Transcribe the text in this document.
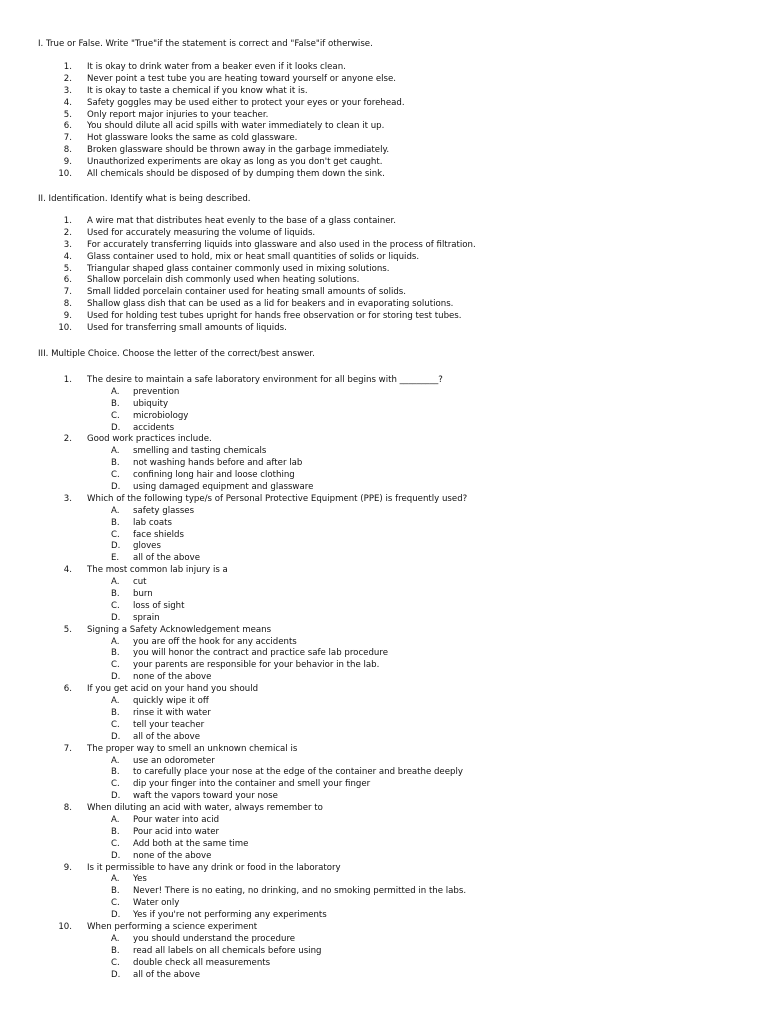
I. True or False. Write "True"if the statement is correct and "False"if otherwise.
1. It is okay to drink water from a beaker even if it looks clean.
2. Never point a test tube you are heating toward yourself or anyone else.
3. It is okay to taste a chemical if you know what it is.
4. Safety goggles may be used either to protect your eyes or your forehead.
5. Only report major injuries to your teacher.
6. You should dilute all acid spills with water immediately to clean it up.
7. Hot glassware looks the same as cold glassware.
8. Broken glassware should be thrown away in the garbage immediately.
9. Unauthorized experiments are okay as long as you don't get caught.
10. All chemicals should be disposed of by dumping them down the sink.
II. Identification. Identify what is being described.
1. A wire mat that distributes heat evenly to the base of a glass container.
2. Used for accurately measuring the volume of liquids.
3. For accurately transferring liquids into glassware and also used in the process of filtration.
4. Glass container used to hold, mix or heat small quantities of solids or liquids.
5. Triangular shaped glass container commonly used in mixing solutions.
6. Shallow porcelain dish commonly used when heating solutions.
7. Small lidded porcelain container used for heating small amounts of solids.
8. Shallow glass dish that can be used as a lid for beakers and in evaporating solutions.
9. Used for holding test tubes upright for hands free observation or for storing test tubes.
10. Used for transferring small amounts of liquids.
III. Multiple Choice. Choose the letter of the correct/best answer.
1. The desire to maintain a safe laboratory environment for all begins with _________?
A. prevention
B. ubiquity
C. microbiology
D. accidents
2. Good work practices include.
A. smelling and tasting chemicals
B. not washing hands before and after lab
C. confining long hair and loose clothing
D. using damaged equipment and glassware
3. Which of the following type/s of Personal Protective Equipment (PPE) is frequently used?
A. safety glasses
B. lab coats
C. face shields
D. gloves
E. all of the above
4. The most common lab injury is a
A. cut
B. burn
C. loss of sight
D. sprain
5. Signing a Safety Acknowledgement means
A. you are off the hook for any accidents
B. you will honor the contract and practice safe lab procedure
C. your parents are responsible for your behavior in the lab.
D. none of the above
6. If you get acid on your hand you should
A. quickly wipe it off
B. rinse it with water
C. tell your teacher
D. all of the above
7. The proper way to smell an unknown chemical is
A. use an odorometer
B. to carefully place your nose at the edge of the container and breathe deeply
C. dip your finger into the container and smell your finger
D. waft the vapors toward your nose
8. When diluting an acid with water, always remember to
A. Pour water into acid
B. Pour acid into water
C. Add both at the same time
D. none of the above
9. Is it permissible to have any drink or food in the laboratory
A. Yes
B. Never! There is no eating, no drinking, and no smoking permitted in the labs.
C. Water only
D. Yes if you're not performing any experiments
10. When performing a science experiment
A. you should understand the procedure
B. read all labels on all chemicals before using
C. double check all measurements
D. all of the above
